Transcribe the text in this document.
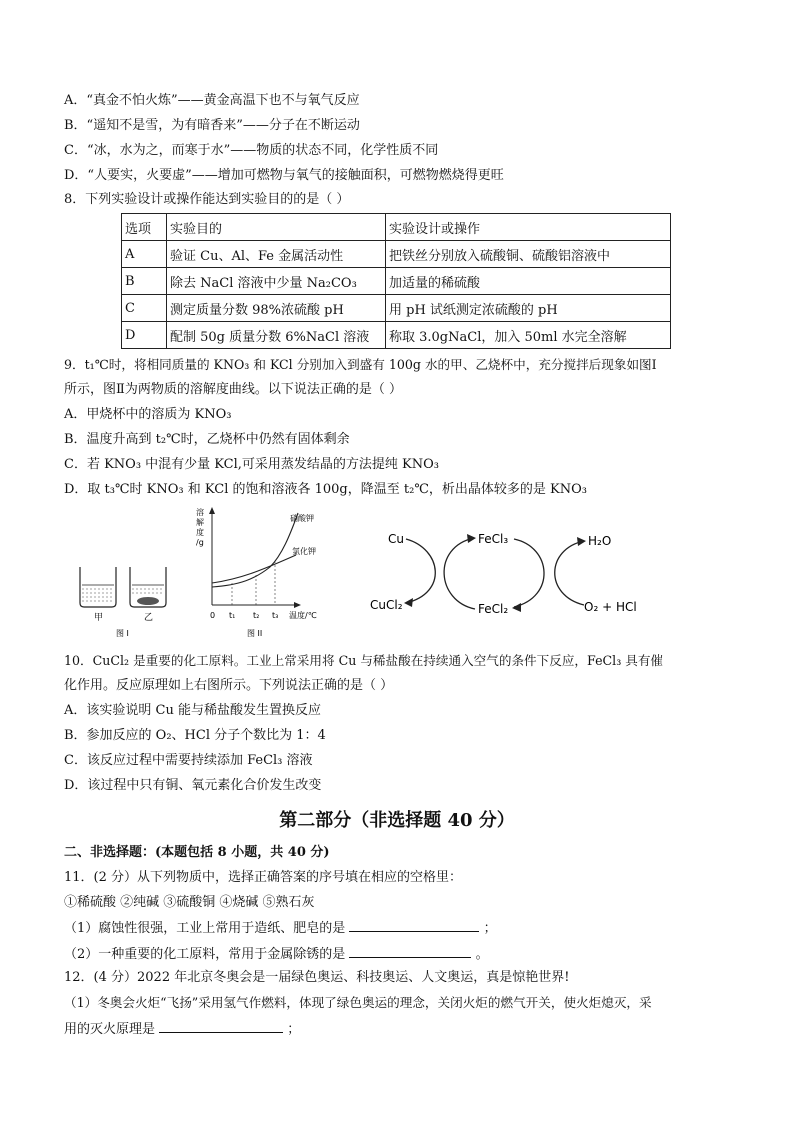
A．“真金不怕火炼”——黄金高温下也不与氧气反应
B．“遥知不是雪，为有暗香来”——分子在不断运动
C．“冰，水为之，而寒于水”——物质的状态不同，化学性质不同
D．“人要实，火要虚”——增加可燃物与氧气的接触面积，可燃物燃烧得更旺
8．下列实验设计或操作能达到实验目的的是（ ）
选项	实验目的	实验设计或操作
A	验证 Cu、Al、Fe 金属活动性	把铁丝分别放入硫酸铜、硫酸铝溶液中
B	除去 NaCl 溶液中少量 Na₂CO₃	加适量的稀硫酸
C	测定质量分数 98%浓硫酸 pH	用 pH 试纸测定浓硫酸的 pH
D	配制 50g 质量分数 6%NaCl 溶液	称取 3.0gNaCl，加入 50ml 水完全溶解
9．t₁℃时，将相同质量的 KNO₃ 和 KCl 分别加入到盛有 100g 水的甲、乙烧杯中，充分搅拌后现象如图Ⅰ
所示，图Ⅱ为两物质的溶解度曲线。以下说法正确的是（ ）
A．甲烧杯中的溶质为 KNO₃
B．温度升高到 t₂℃时，乙烧杯中仍然有固体剩余
C．若 KNO₃ 中混有少量 KCl,可采用蒸发结晶的方法提纯 KNO₃
D．取 t₃℃时 KNO₃ 和 KCl 的饱和溶液各 100g，降温至 t₂℃，析出晶体较多的是 KNO₃
甲	乙
图 I
溶
解
度
/g
硝酸钾
氯化钾
0 t₁ t₂ t₃ 温度/℃
图 II
Cu
CuCl₂
FeCl₃
FeCl₂
H₂O
O₂ + HCl
10．CuCl₂ 是重要的化工原料。工业上常采用将 Cu 与稀盐酸在持续通入空气的条件下反应，FeCl₃ 具有催
化作用。反应原理如上右图所示。下列说法正确的是（ ）
A．该实验说明 Cu 能与稀盐酸发生置换反应
B．参加反应的 O₂、HCl 分子个数比为 1：4
C．该反应过程中需要持续添加 FeCl₃ 溶液
D．该过程中只有铜、氧元素化合价发生改变
第二部分（非选择题 40 分）
二、非选择题：(本题包括 8 小题，共 40 分)
11．(2 分）从下列物质中，选择正确答案的序号填在相应的空格里：
①稀硫酸 ②纯碱 ③硫酸铜 ④烧碱 ⑤熟石灰
（1）腐蚀性很强，工业上常用于造纸、肥皂的是	；
（2）一种重要的化工原料，常用于金属除锈的是	。
12．(4 分）2022 年北京冬奥会是一届绿色奥运、科技奥运、人文奥运，真是惊艳世界!
（1）冬奥会火炬“飞扬”采用氢气作燃料，体现了绿色奥运的理念，关闭火炬的燃气开关，使火炬熄灭，采
用的灭火原理是	；
